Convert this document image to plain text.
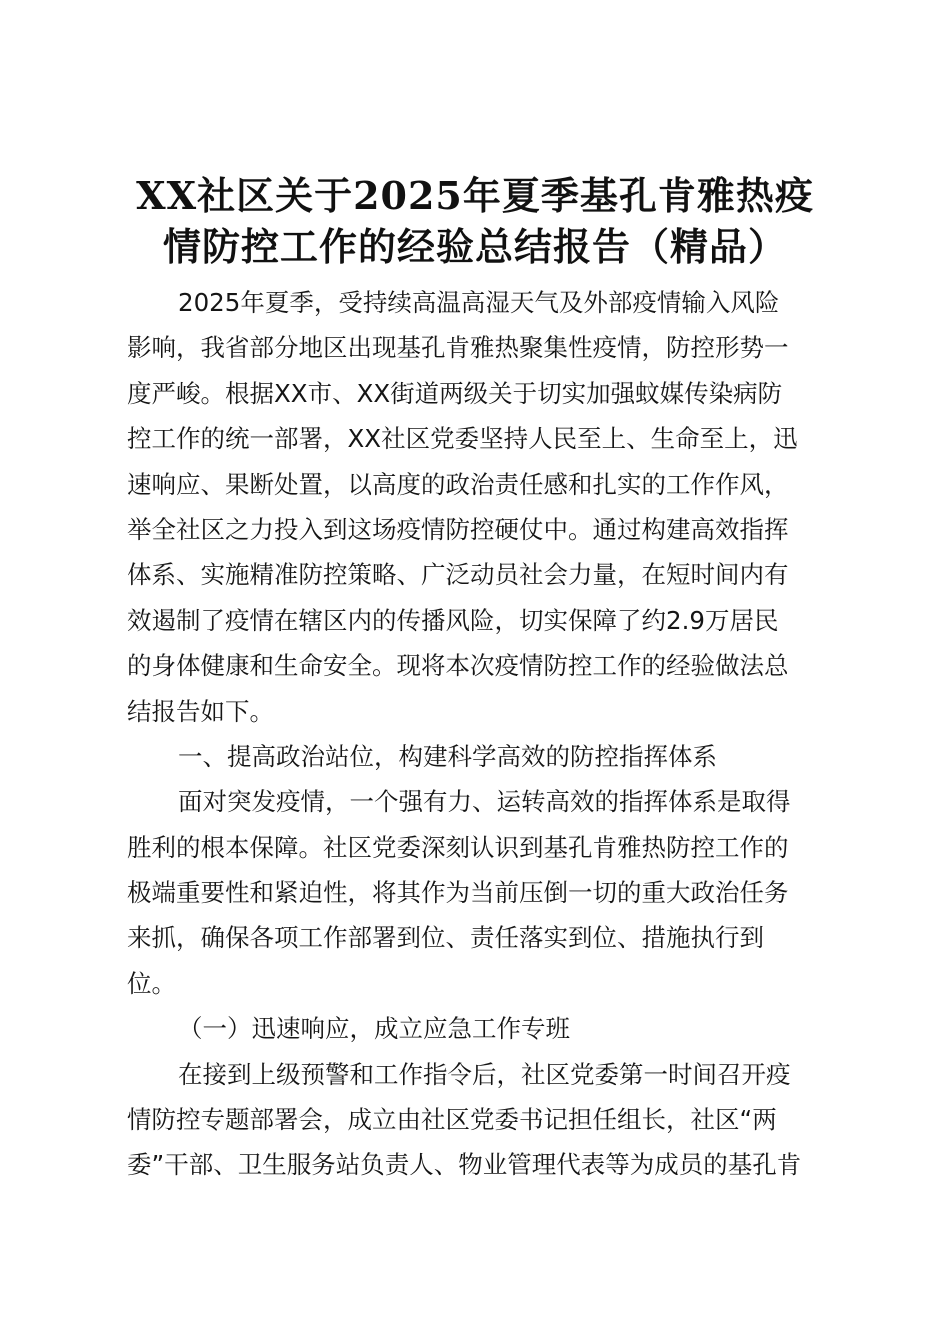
XX社区关于2025年夏季基孔肯雅热疫
情防控工作的经验总结报告（精品）
2025年夏季，受持续高温高湿天气及外部疫情输入风险
影响，我省部分地区出现基孔肯雅热聚集性疫情，防控形势一
度严峻。根据XX市、XX街道两级关于切实加强蚊媒传染病防
控工作的统一部署，XX社区党委坚持人民至上、生命至上，迅
速响应、果断处置，以高度的政治责任感和扎实的工作作风，
举全社区之力投入到这场疫情防控硬仗中。通过构建高效指挥
体系、实施精准防控策略、广泛动员社会力量，在短时间内有
效遏制了疫情在辖区内的传播风险，切实保障了约2.9万居民
的身体健康和生命安全。现将本次疫情防控工作的经验做法总
结报告如下。
一、提高政治站位，构建科学高效的防控指挥体系
面对突发疫情，一个强有力、运转高效的指挥体系是取得
胜利的根本保障。社区党委深刻认识到基孔肯雅热防控工作的
极端重要性和紧迫性，将其作为当前压倒一切的重大政治任务
来抓，确保各项工作部署到位、责任落实到位、措施执行到
位。
（一）迅速响应，成立应急工作专班
在接到上级预警和工作指令后，社区党委第一时间召开疫
情防控专题部署会，成立由社区党委书记担任组长，社区“两
委”干部、卫生服务站负责人、物业管理代表等为成员的基孔肯
